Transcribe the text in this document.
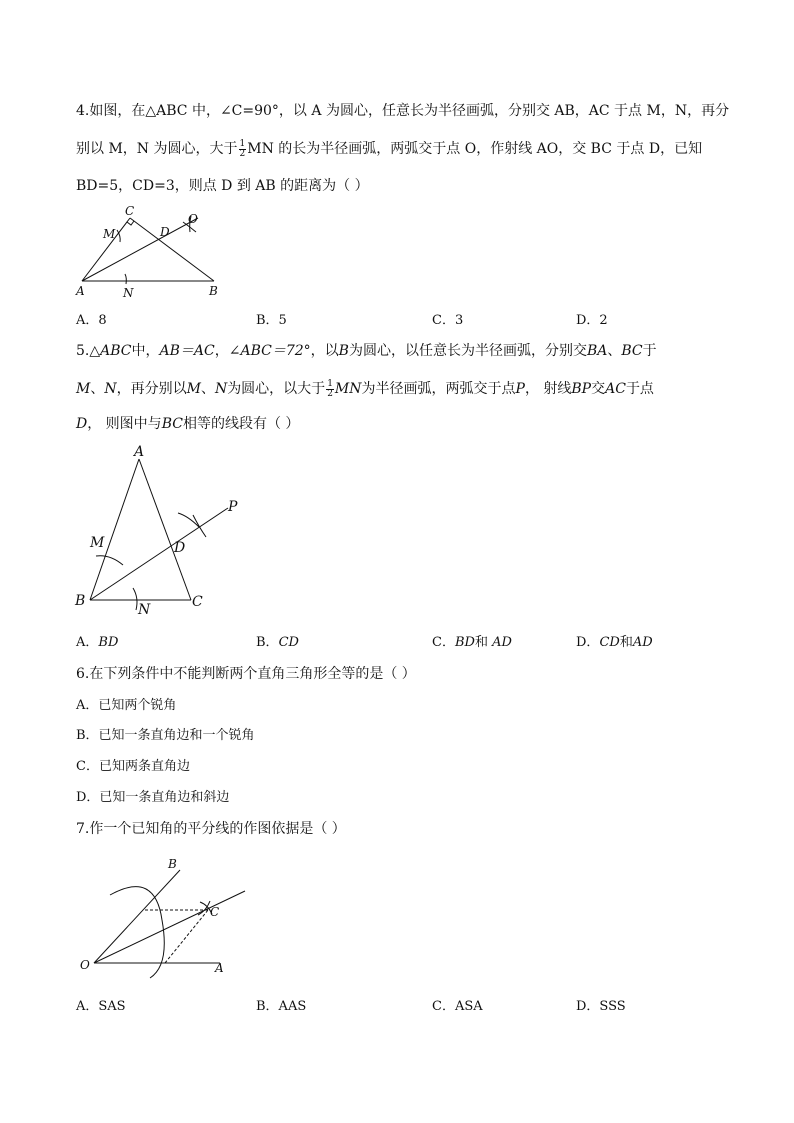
4.如图，在△ABC 中，∠C=90°，以 A 为圆心，任意长为半径画弧，分别交 AB，AC 于点 M，N，再分
别以 M，N 为圆心，大于 $\frac{1}{2}$ MN 的长为半径画弧，两弧交于点 O，作射线 AO，交 BC 于点 D，已知
BD=5，CD=3，则点 D 到 AB 的距离为（ ）
C
M
O
D
A	N	B
A．8	B．5	C．3	D．2
5.△ABC中，AB＝AC，∠ABC＝72°，以B为圆心，以任意长为半径画弧，分别交BA、BC于
M、N，再分别以M、N为圆心，以大于 $\frac{1}{2}$ MN为半径画弧，两弧交于点P， 射线BP交AC于点
D， 则图中与BC相等的线段有（ ）
A
P
M	D
B
N	C
A．BD	B．CD	C．BD和 AD	D．CD和AD
6.在下列条件中不能判断两个直角三角形全等的是（ ）
A．已知两个锐角
B．已知一条直角边和一个锐角
C．已知两条直角边
D．已知一条直角边和斜边
7.作一个已知角的平分线的作图依据是（ ）
B
C
O	A
A．SAS	B．AAS	C．ASA	D．SSS
